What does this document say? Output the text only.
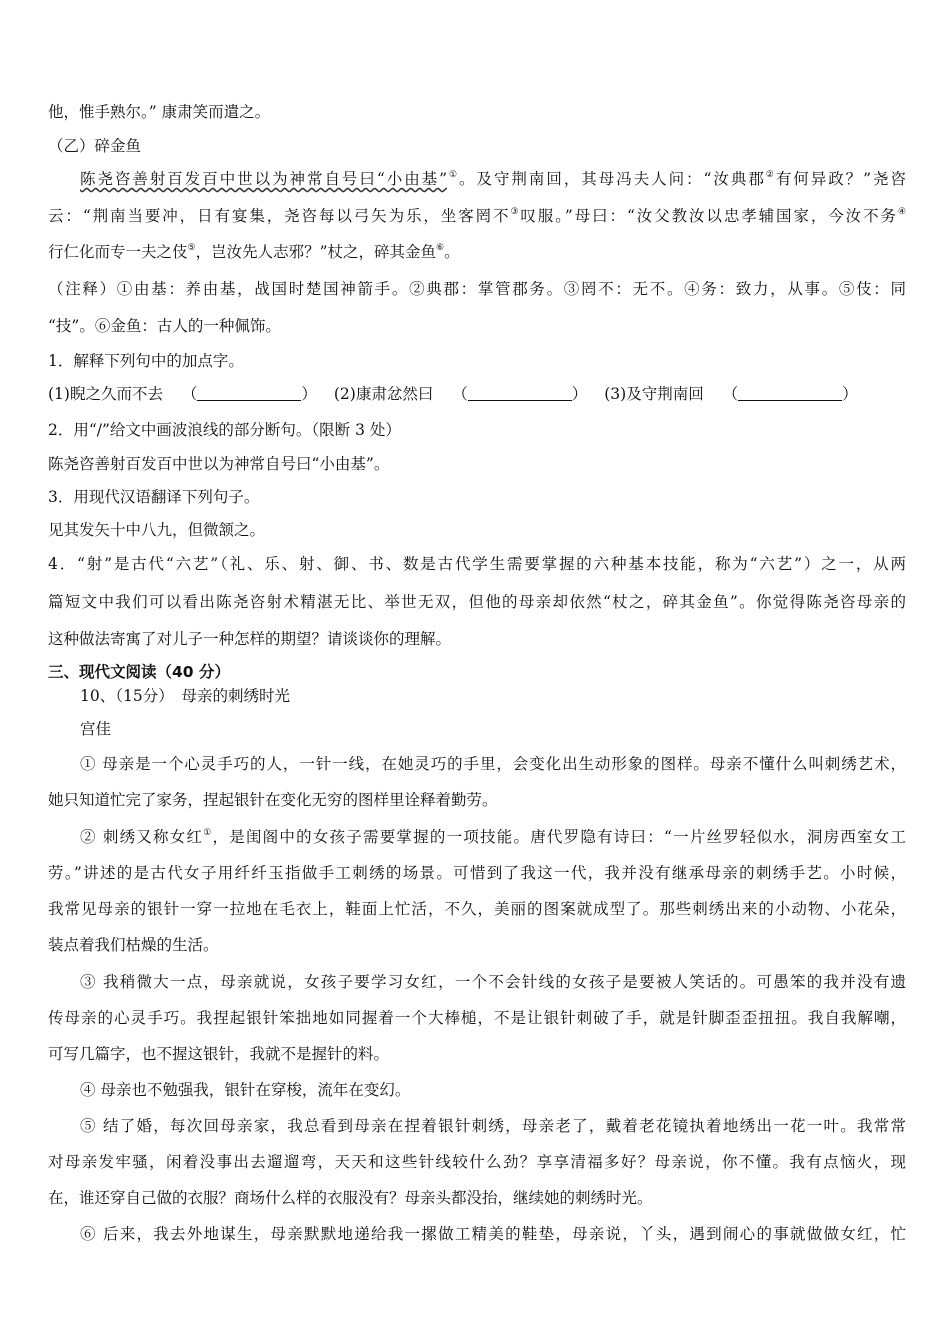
他，惟手熟尔。” 康肃笑而遣之。
（乙）碎金鱼
陈尧咨善射百发百中世以为神常自号曰“小由基”①。及守荆南回，其母冯夫人问：“汝典郡②有何异政？”尧咨
云：“荆南当要冲，日有宴集，尧咨每以弓矢为乐，坐客罔不③叹服。”母曰：“汝父教汝以忠孝辅国家，今汝不务④
行仁化而专一夫之伎⑤，岂汝先人志邪？”杖之，碎其金鱼⑥。
（注释）①由基：养由基，战国时楚国神箭手。②典郡：掌管郡务。③罔不：无不。④务：致力，从事。⑤伎：同
“技”。⑥金鱼：古人的一种佩饰。
1．解释下列句中的加点字。
(1)睨之久而不去 （	） (2)康肃忿然曰 （	） (3)及守荆南回 （	）
2．用“/”给文中画波浪线的部分断句。（限断 3 处）
陈尧咨善射百发百中世以为神常自号曰“小由基”。
3．用现代汉语翻译下列句子。
见其发矢十中八九，但微颔之。
4．“射”是古代“六艺”（礼、乐、射、御、书、数是古代学生需要掌握的六种基本技能，称为“六艺”）之一，从两
篇短文中我们可以看出陈尧咨射术精湛无比、举世无双，但他的母亲却依然“杖之，碎其金鱼”。你觉得陈尧咨母亲的
这种做法寄寓了对儿子一种怎样的期望？请谈谈你的理解。
三、现代文阅读（40 分）
10、（15分）　母亲的刺绣时光
宫佳
① 母亲是一个心灵手巧的人，一针一线，在她灵巧的手里，会变化出生动形象的图样。母亲不懂什么叫刺绣艺术，
她只知道忙完了家务，捏起银针在变化无穷的图样里诠释着勤劳。
② 刺绣又称女红①，是闺阁中的女孩子需要掌握的一项技能。唐代罗隐有诗曰：“一片丝罗轻似水，洞房西室女工
劳。”讲述的是古代女子用纤纤玉指做手工刺绣的场景。可惜到了我这一代，我并没有继承母亲的刺绣手艺。小时候，
我常见母亲的银针一穿一拉地在毛衣上，鞋面上忙活，不久，美丽的图案就成型了。那些刺绣出来的小动物、小花朵，
装点着我们枯燥的生活。
③ 我稍微大一点，母亲就说，女孩子要学习女红，一个不会针线的女孩子是要被人笑话的。可愚笨的我并没有遗
传母亲的心灵手巧。我捏起银针笨拙地如同握着一个大棒槌，不是让银针刺破了手，就是针脚歪歪扭扭。我自我解嘲，
可写几篇字，也不握这银针，我就不是握针的料。
④ 母亲也不勉强我，银针在穿梭，流年在变幻。
⑤ 结了婚，每次回母亲家，我总看到母亲在捏着银针刺绣，母亲老了，戴着老花镜执着地绣出一花一叶。我常常
对母亲发牢骚，闲着没事出去遛遛弯，天天和这些针线较什么劲？享享清福多好？母亲说，你不懂。我有点恼火，现
在，谁还穿自己做的衣服？商场什么样的衣服没有？母亲头都没抬，继续她的刺绣时光。
⑥ 后来，我去外地谋生，母亲默默地递给我一摞做工精美的鞋垫，母亲说，丫头，遇到闹心的事就做做女红，忙
